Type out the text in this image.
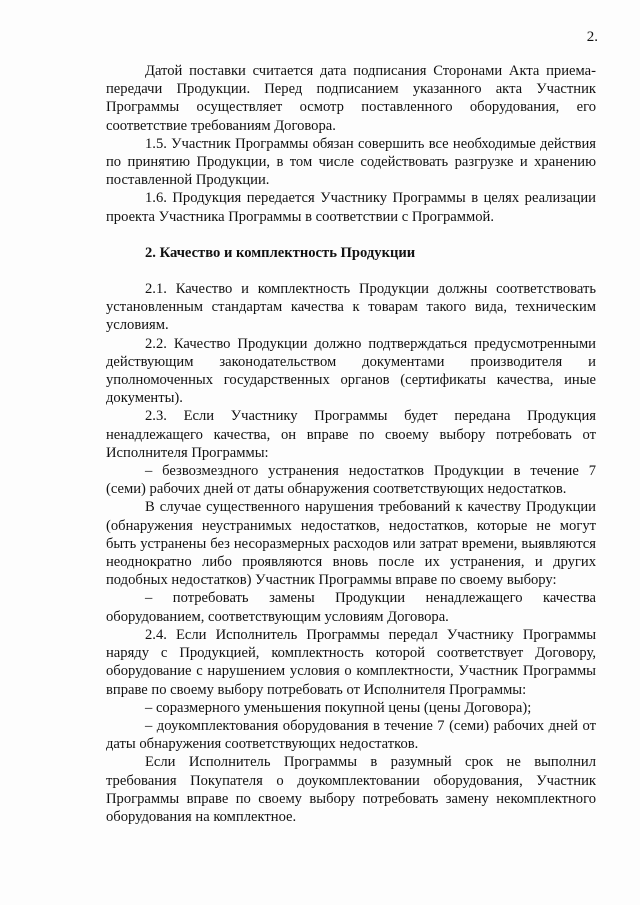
2.

Датой поставки считается дата подписания Сторонами Акта приема-передачи Продукции. Перед подписанием указанного акта Участник Программы осуществляет осмотр поставленного оборудования, его соответствие требованиям Договора.

1.5. Участник Программы обязан совершить все необходимые действия по принятию Продукции, в том числе содействовать разгрузке и хранению поставленной Продукции.

1.6. Продукция передается Участнику Программы в целях реализации проекта Участника Программы в соответствии с Программой.

2. Качество и комплектность Продукции

2.1. Качество и комплектность Продукции должны соответствовать установленным стандартам качества к товарам такого вида, техническим условиям.

2.2. Качество Продукции должно подтверждаться предусмотренными действующим законодательством документами производителя и уполномоченных государственных органов (сертификаты качества, иные документы).

2.3. Если Участнику Программы будет передана Продукция ненадлежащего качества, он вправе по своему выбору потребовать от Исполнителя Программы:

– безвозмездного устранения недостатков Продукции в течение 7 (семи) рабочих дней от даты обнаружения соответствующих недостатков.

В случае существенного нарушения требований к качеству Продукции (обнаружения неустранимых недостатков, недостатков, которые не могут быть устранены без несоразмерных расходов или затрат времени, выявляются неоднократно либо проявляются вновь после их устранения, и других подобных недостатков) Участник Программы вправе по своему выбору:

– потребовать замены Продукции ненадлежащего качества оборудованием, соответствующим условиям Договора.

2.4. Если Исполнитель Программы передал Участнику Программы наряду с Продукцией, комплектность которой соответствует Договору, оборудование с нарушением условия о комплектности, Участник Программы вправе по своему выбору потребовать от Исполнителя Программы:

– соразмерного уменьшения покупной цены (цены Договора);

– доукомплектования оборудования в течение 7 (семи) рабочих дней от даты обнаружения соответствующих недостатков.

Если Исполнитель Программы в разумный срок не выполнил требования Покупателя о доукомплектовании оборудования, Участник Программы вправе по своему выбору потребовать замену некомплектного оборудования на комплектное.
